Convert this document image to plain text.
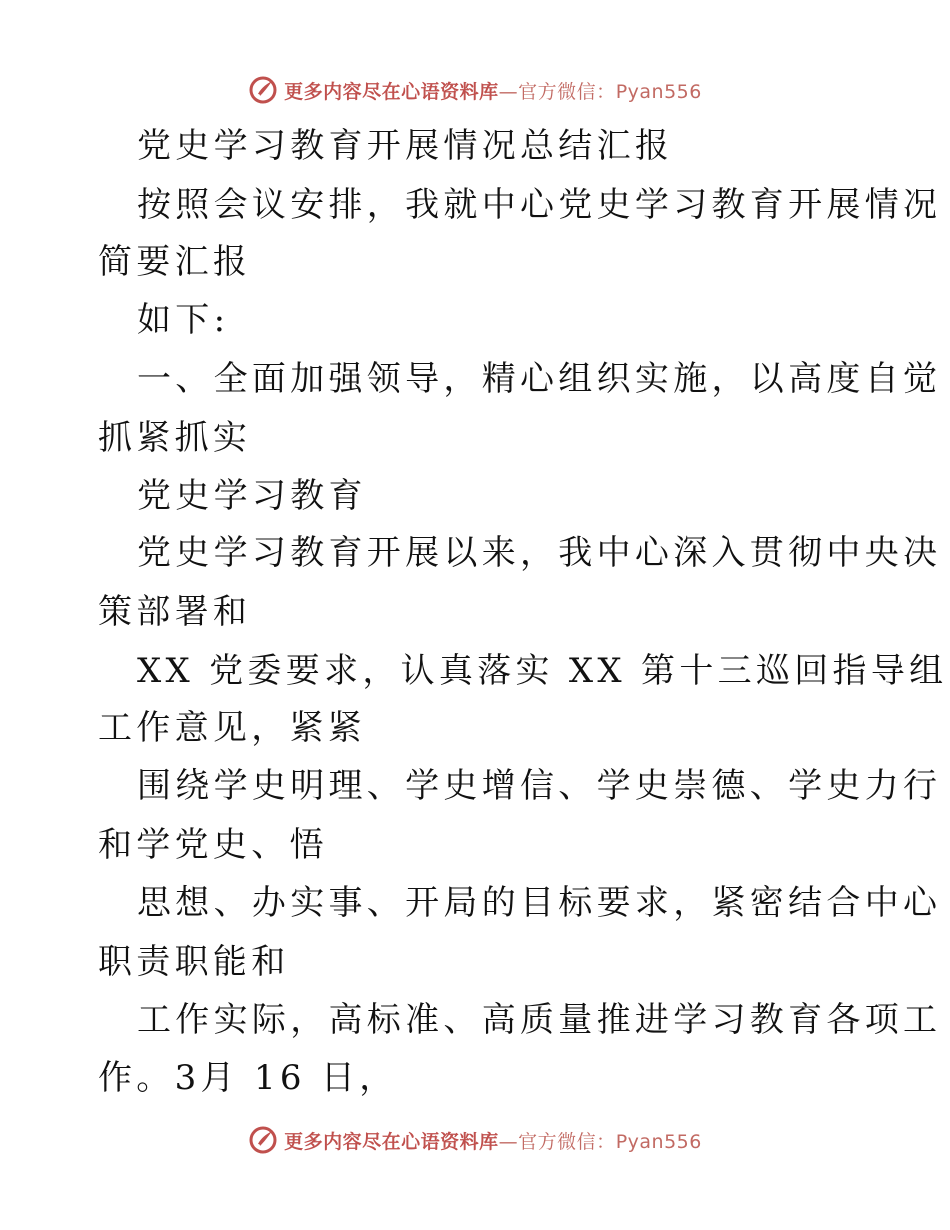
更多内容尽在心语资料库—官方微信：Pyan556
党史学习教育开展情况总结汇报
按照会议安排，我就中心党史学习教育开展情况
简要汇报
如下:
一、全面加强领导，精心组织实施，以高度自觉
抓紧抓实
党史学习教育
党史学习教育开展以来，我中心深入贯彻中央决
策部署和
XX 党委要求，认真落实 XX 第十三巡回指导组
工作意见，紧紧
围绕学史明理、学史增信、学史崇德、学史力行
和学党史、悟
思想、办实事、开局的目标要求，紧密结合中心
职责职能和
工作实际，高标准、高质量推进学习教育各项工
作。3月 16 日，
更多内容尽在心语资料库—官方微信：Pyan556
